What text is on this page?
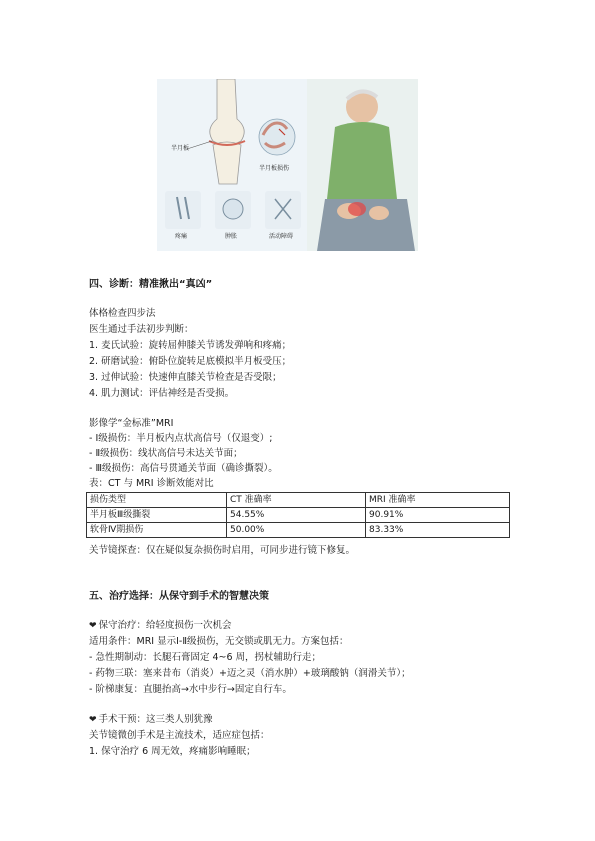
半月板
半月板损伤
疼痛	肿胀	活动障碍
四、诊断：精准揪出“真凶”
体格检查四步法
医生通过手法初步判断：
1. 麦氏试验：旋转屈伸膝关节诱发弹响和疼痛；
2. 研磨试验：俯卧位旋转足底模拟半月板受压；
3. 过伸试验：快速伸直膝关节检查是否受限；
4. 肌力测试：评估神经是否受损。
影像学“金标准”MRI
- Ⅰ级损伤：半月板内点状高信号（仅退变）;
- Ⅱ级损伤：线状高信号未达关节面；
- Ⅲ级损伤：高信号贯通关节面（确诊撕裂）。
表：CT 与 MRI 诊断效能对比
损伤类型	CT 准确率	MRI 准确率
半月板Ⅲ级撕裂	54.55%	90.91%
软骨Ⅳ期损伤	50.00%	83.33%
关节镜探查：仅在疑似复杂损伤时启用，可同步进行镜下修复。
五、治疗选择：从保守到手术的智慧决策
❤ 保守治疗：给轻度损伤一次机会
适用条件：MRI 显示Ⅰ-Ⅱ级损伤，无交锁或肌无力。方案包括：
- 急性期制动：长腿石膏固定 4~6 周，拐杖辅助行走；
- 药物三联：塞来昔布（消炎）+迈之灵（消水肿）+玻璃酸钠（润滑关节）；
- 阶梯康复：直腿抬高→水中步行→固定自行车。
❤ 手术干预：这三类人别犹豫
关节镜微创手术是主流技术，适应症包括：
1. 保守治疗 6 周无效，疼痛影响睡眠；
